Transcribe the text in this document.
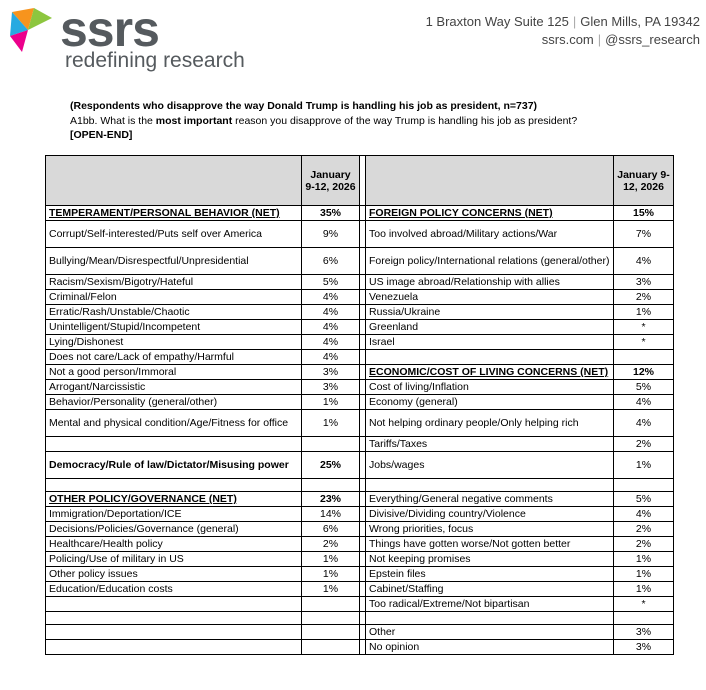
ssrs
redefining research
1 Braxton Way Suite 125 | Glen Mills, PA 19342
ssrs.com | @ssrs_research
(Respondents who disapprove the way Donald Trump is handling his job as president, n=737)
A1bb. What is the most important reason you disapprove of the way Trump is handling his job as president?
[OPEN-END]
	January 9-12, 2026			January 9-12, 2026
TEMPERAMENT/PERSONAL BEHAVIOR (NET)	35%		FOREIGN POLICY CONCERNS (NET)	15%
Corrupt/Self-interested/Puts self over America	9%		Too involved abroad/Military actions/War	7%
Bullying/Mean/Disrespectful/Unpresidential	6%		Foreign policy/International relations (general/other)	4%
Racism/Sexism/Bigotry/Hateful	5%		US image abroad/Relationship with allies	3%
Criminal/Felon	4%		Venezuela	2%
Erratic/Rash/Unstable/Chaotic	4%		Russia/Ukraine	1%
Unintelligent/Stupid/Incompetent	4%		Greenland	*
Lying/Dishonest	4%		Israel	*
Does not care/Lack of empathy/Harmful	4%			
Not a good person/Immoral	3%		ECONOMIC/COST OF LIVING CONCERNS (NET)	12%
Arrogant/Narcissistic	3%		Cost of living/Inflation	5%
Behavior/Personality (general/other)	1%		Economy (general)	4%
Mental and physical condition/Age/Fitness for office	1%		Not helping ordinary people/Only helping rich	4%
			Tariffs/Taxes	2%
Democracy/Rule of law/Dictator/Misusing power	25%		Jobs/wages	1%

OTHER POLICY/GOVERNANCE (NET)	23%		Everything/General negative comments	5%
Immigration/Deportation/ICE	14%		Divisive/Dividing country/Violence	4%
Decisions/Policies/Governance (general)	6%		Wrong priorities, focus	2%
Healthcare/Health policy	2%		Things have gotten worse/Not gotten better	2%
Policing/Use of military in US	1%		Not keeping promises	1%
Other policy issues	1%		Epstein files	1%
Education/Education costs	1%		Cabinet/Staffing	1%
			Too radical/Extreme/Not bipartisan	*

			Other	3%
			No opinion	3%
